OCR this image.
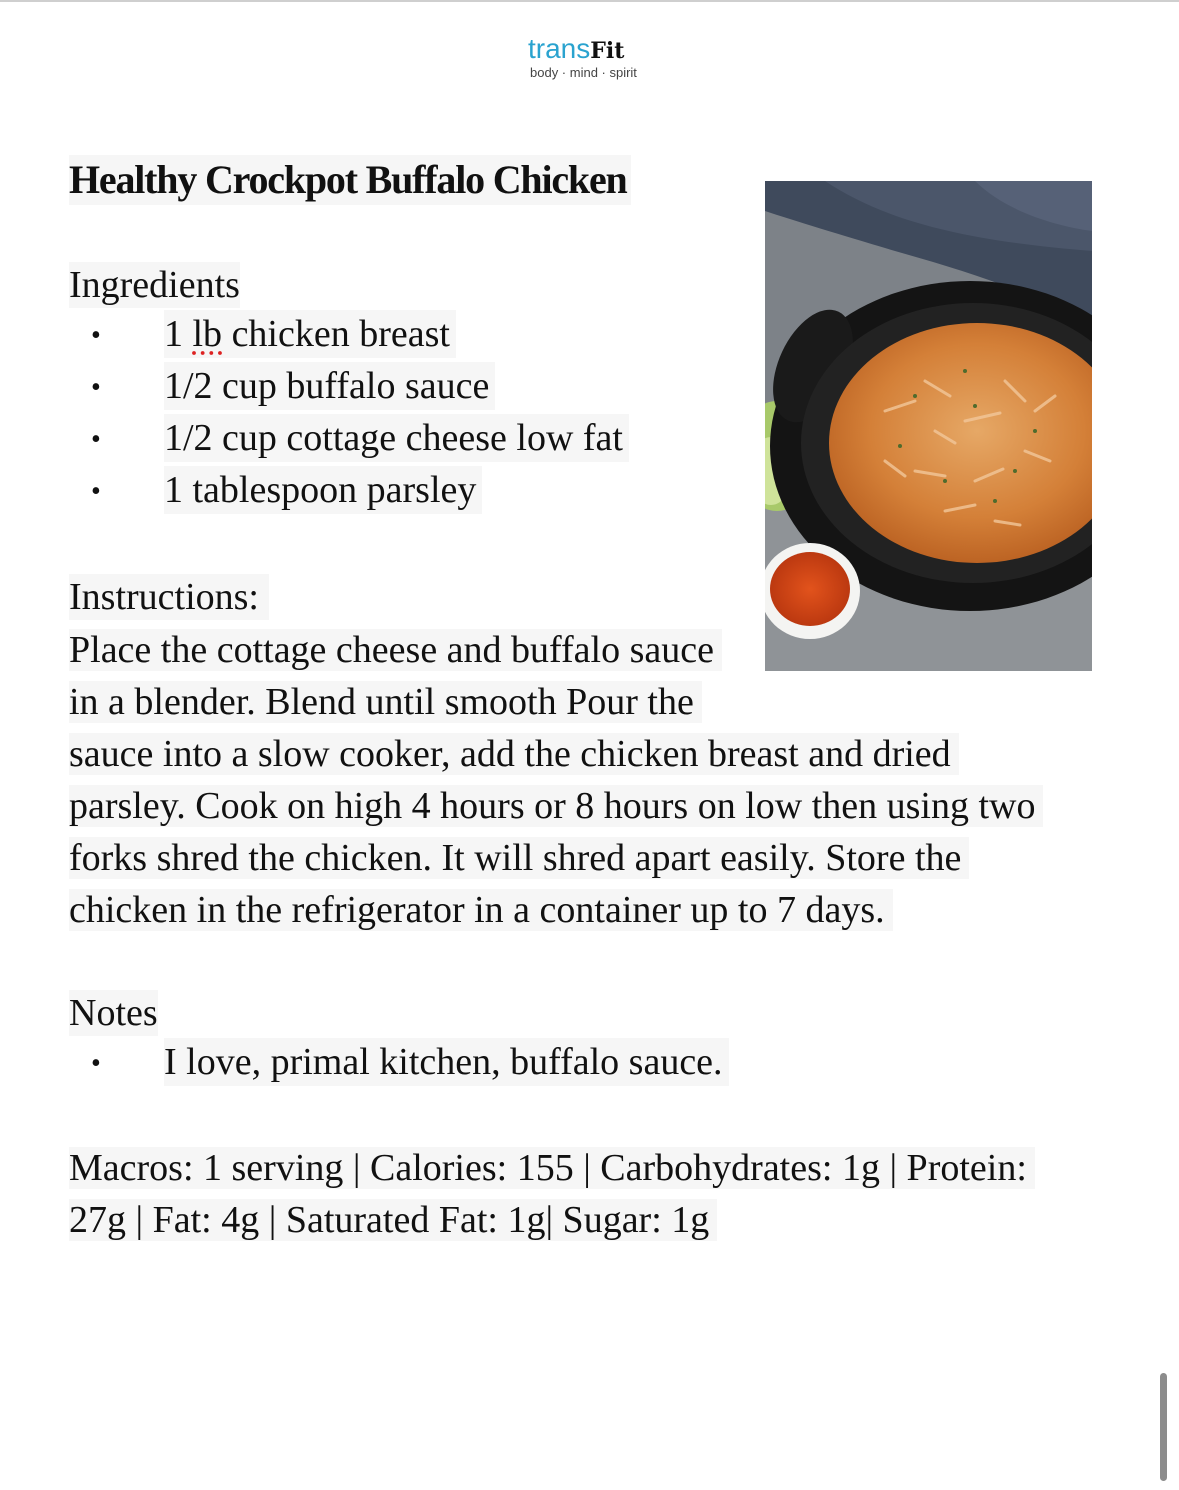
transFit
body · mind · spirit
Healthy Crockpot Buffalo Chicken
Ingredients
• 1 lb chicken breast
• 1/2 cup buffalo sauce
• 1/2 cup cottage cheese low fat
• 1 tablespoon parsley
Instructions:
Place the cottage cheese and buffalo sauce
in a blender. Blend until smooth Pour the
sauce into a slow cooker, add the chicken breast and dried
parsley. Cook on high 4 hours or 8 hours on low then using two
forks shred the chicken. It will shred apart easily. Store the
chicken in the refrigerator in a container up to 7 days.
Notes
• I love, primal kitchen, buffalo sauce.
Macros: 1 serving | Calories: 155 | Carbohydrates: 1g | Protein:
27g | Fat: 4g | Saturated Fat: 1g| Sugar: 1g
